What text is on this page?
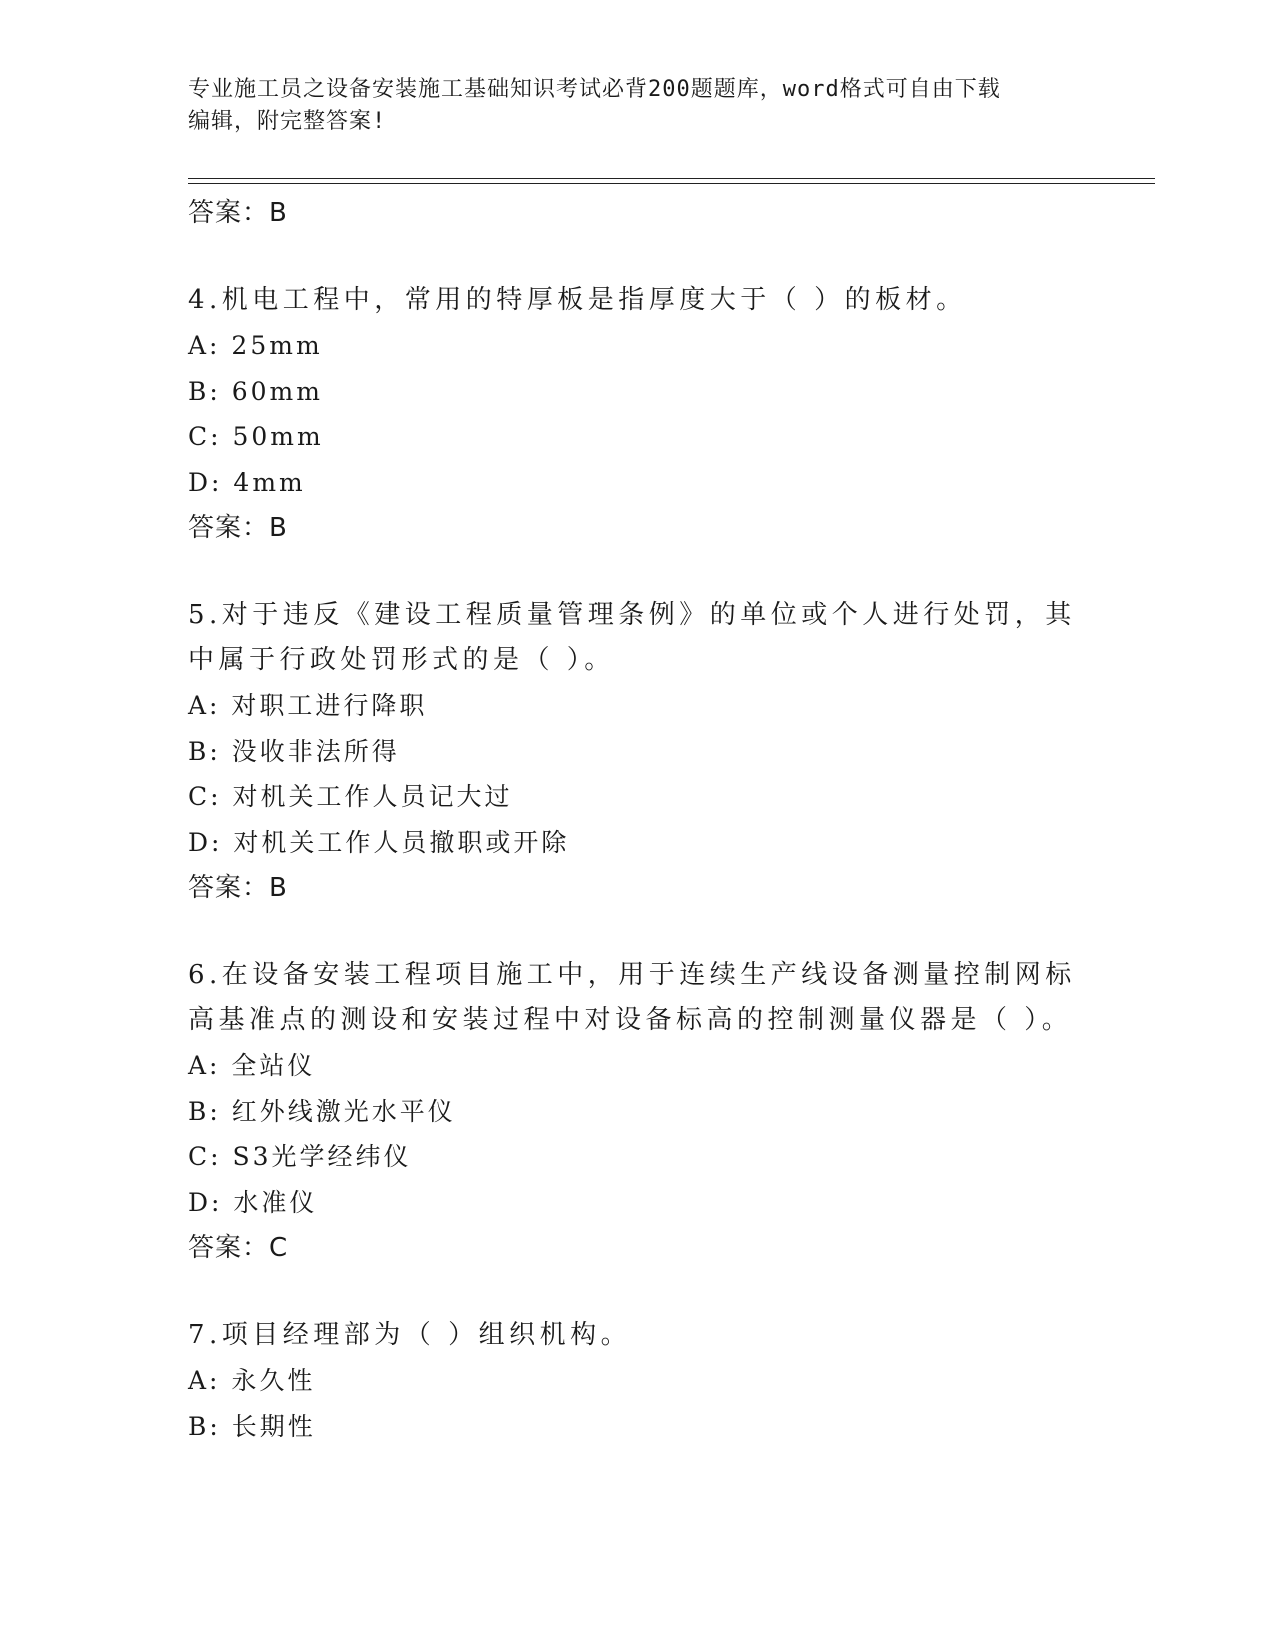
专业施工员之设备安装施工基础知识考试必背200题题库，word格式可自由下载
编辑，附完整答案!
答案：B
4.机电工程中，常用的特厚板是指厚度大于（ ）的板材。
A: 25mm
B: 60mm
C: 50mm
D: 4mm
答案：B
5.对于违反《建设工程质量管理条例》的单位或个人进行处罚，其中属于行政处罚形式的是（ ）。
A: 对职工进行降职
B: 没收非法所得
C: 对机关工作人员记大过
D: 对机关工作人员撤职或开除
答案：B
6.在设备安装工程项目施工中，用于连续生产线设备测量控制网标高基准点的测设和安装过程中对设备标高的控制测量仪器是（ ）。
A: 全站仪
B: 红外线激光水平仪
C: S3光学经纬仪
D: 水准仪
答案：C
7.项目经理部为（ ）组织机构。
A: 永久性
B: 长期性
